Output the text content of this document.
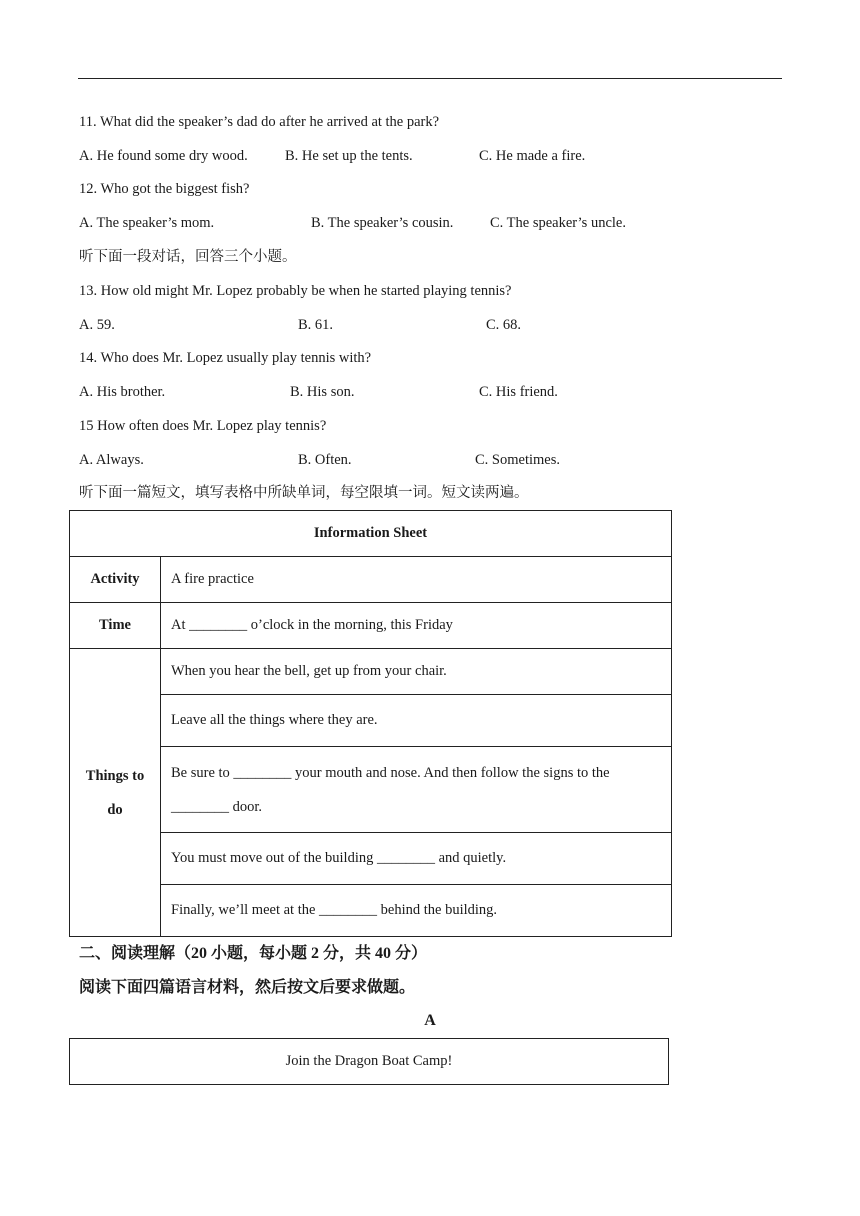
11. What did the speaker’s dad do after he arrived at the park?
A. He found some dry wood.	B. He set up the tents.	C. He made a fire.
12. Who got the biggest fish?
A. The speaker’s mom.	B. The speaker’s cousin.	C. The speaker’s uncle.
听下面一段对话，回答三个小题。
13. How old might Mr. Lopez probably be when he started playing tennis?
A. 59.	B. 61.	C. 68.
14. Who does Mr. Lopez usually play tennis with?
A. His brother.	B. His son.	C. His friend.
15 How often does Mr. Lopez play tennis?
A. Always.	B. Often.	C. Sometimes.
听下面一篇短文，填写表格中所缺单词，每空限填一词。短文读两遍。
Information Sheet	
Activity	A fire practice
Time	At ________ o’clock in the morning, this Friday

Things to
do	When you hear the bell, get up from your chair.
	Leave all the things where they are.

	Be sure to ________ your mouth and nose. And then follow the signs to the
________ door.

	You must move out of the building ________ and quietly.
	Finally, we’ll meet at the ________ behind the building.
二、阅读理解（20 小题，每小题 2 分，共 40 分）
阅读下面四篇语言材料，然后按文后要求做题。
A
Join the Dragon Boat Camp!
